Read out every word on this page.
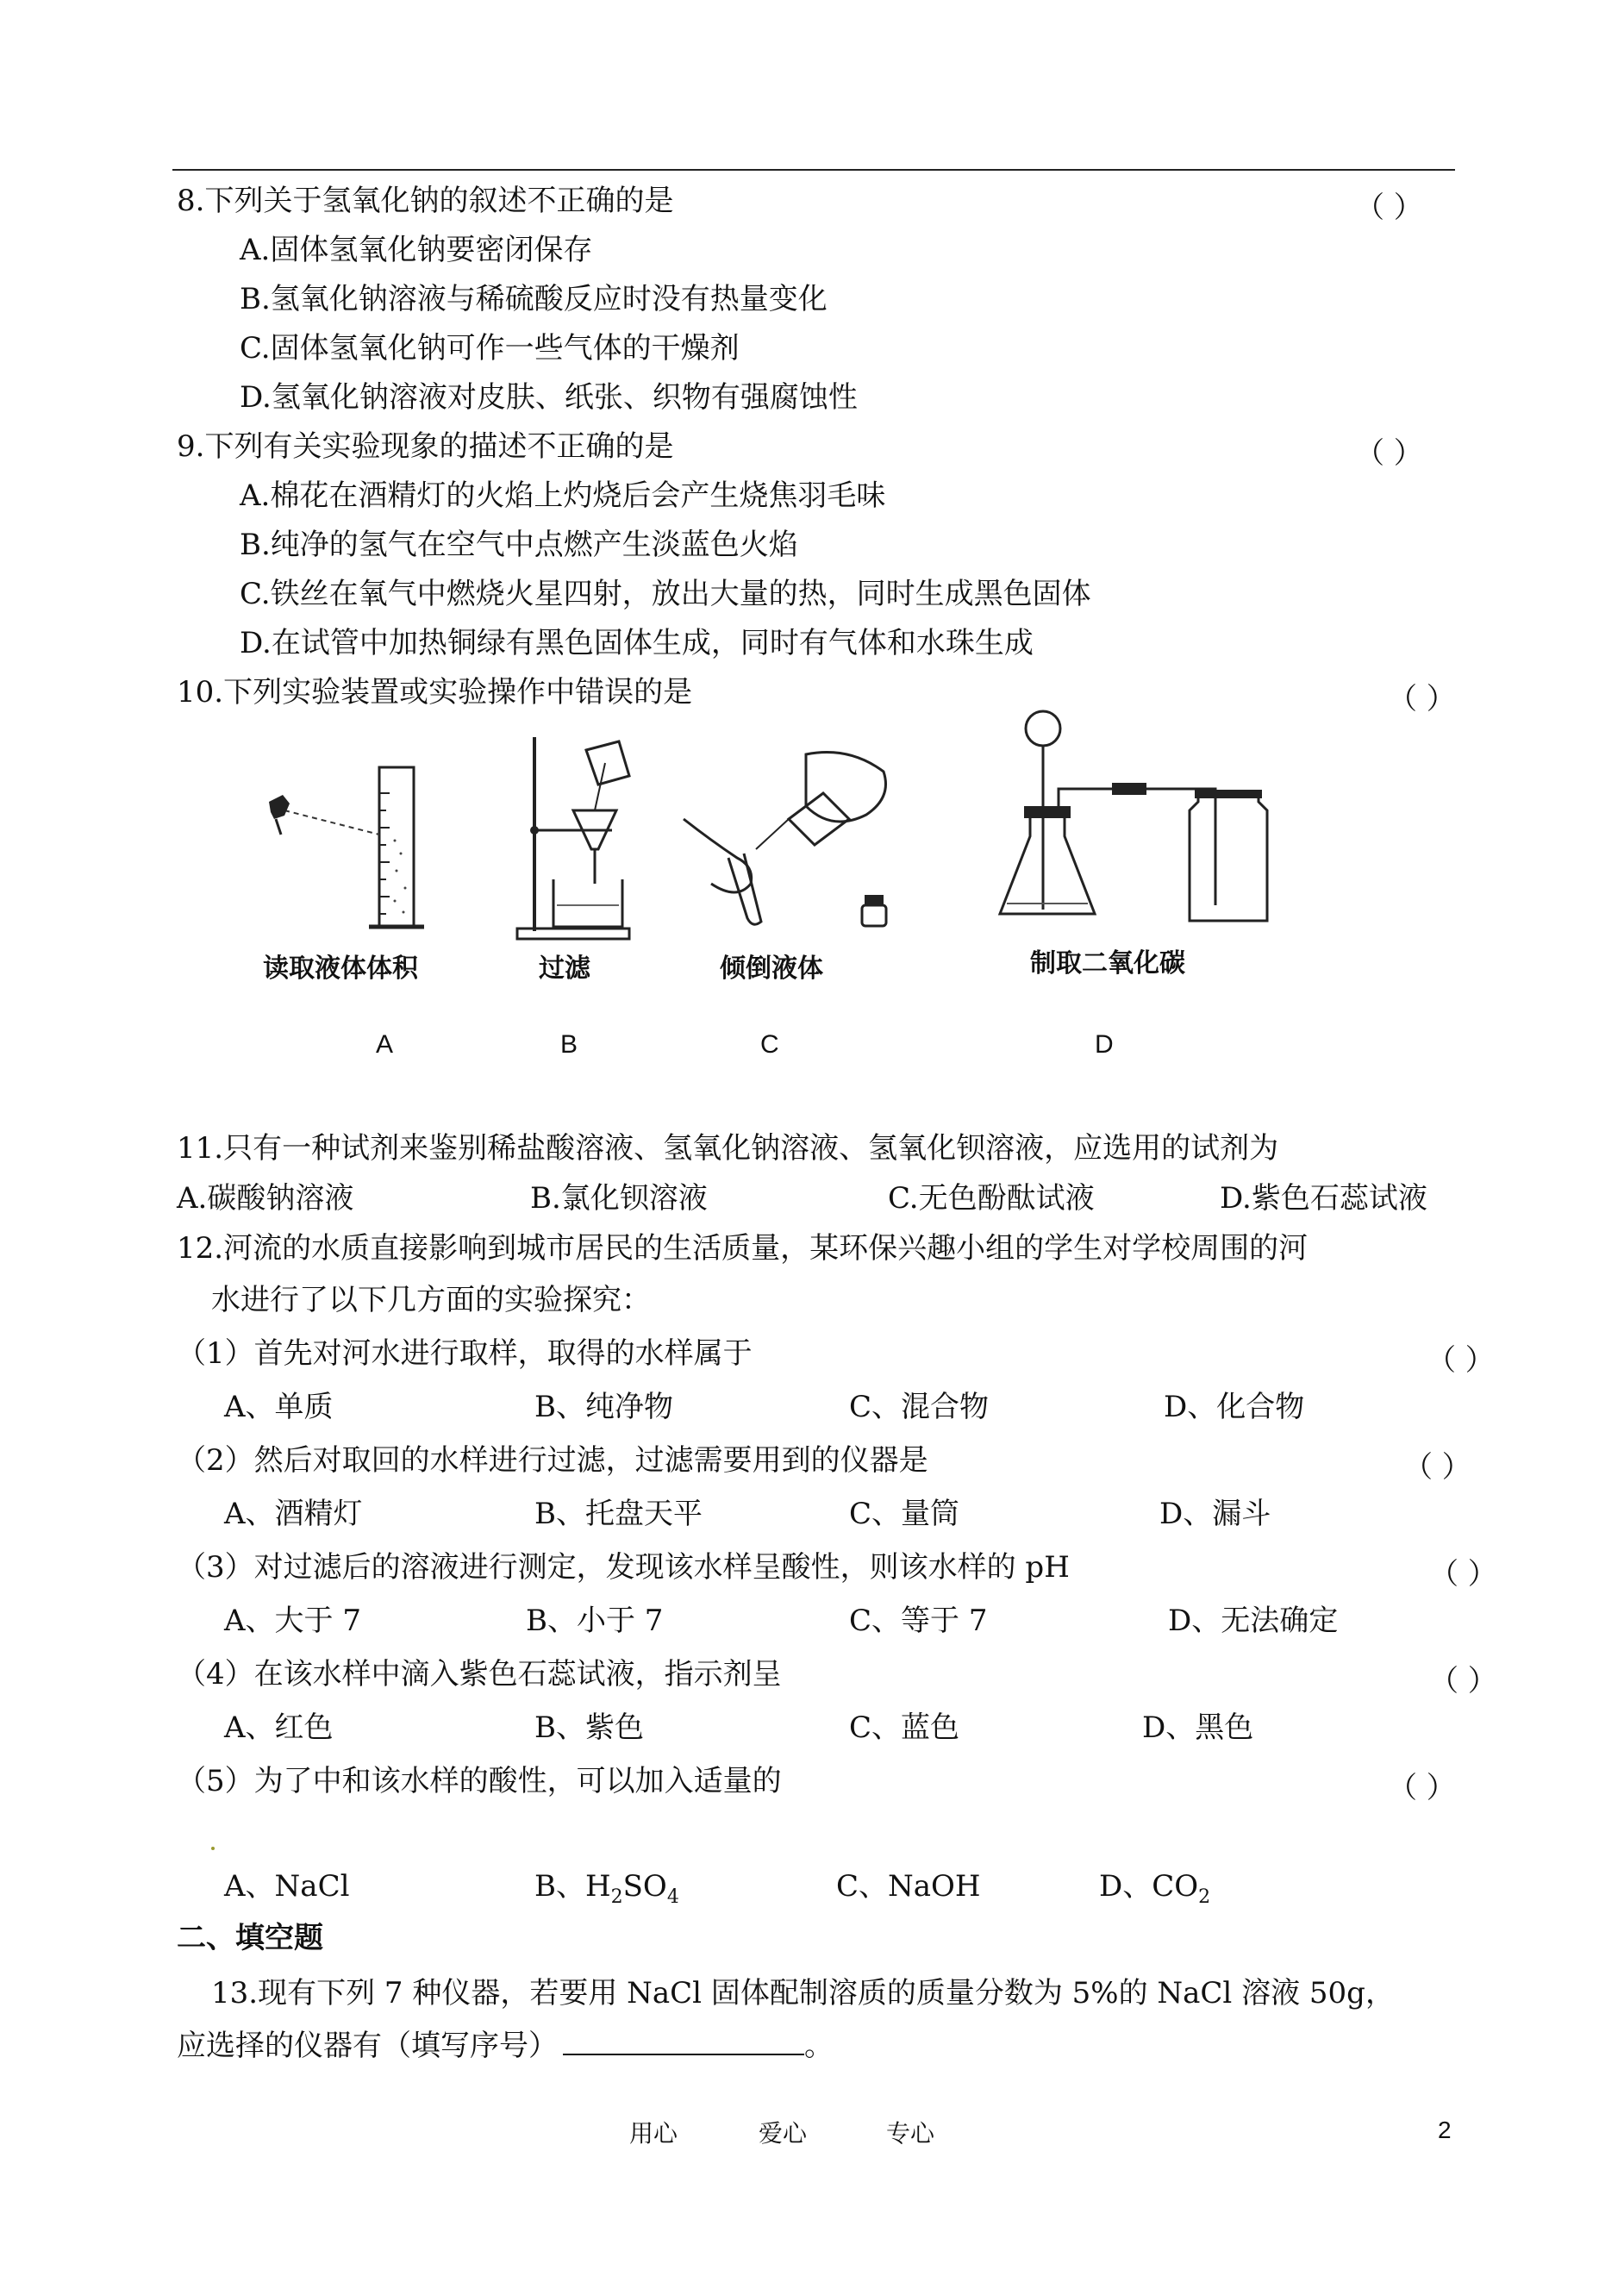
8.下列关于氢氧化钠的叙述不正确的是	（ ）
A.固体氢氧化钠要密闭保存
B.氢氧化钠溶液与稀硫酸反应时没有热量变化
C.固体氢氧化钠可作一些气体的干燥剂
D.氢氧化钠溶液对皮肤、纸张、织物有强腐蚀性
9.下列有关实验现象的描述不正确的是	（ ）
A.棉花在酒精灯的火焰上灼烧后会产生烧焦羽毛味
B.纯净的氢气在空气中点燃产生淡蓝色火焰
C.铁丝在氧气中燃烧火星四射，放出大量的热，同时生成黑色固体
D.在试管中加热铜绿有黑色固体生成，同时有气体和水珠生成
10.下列实验装置或实验操作中错误的是	（ ）
读取液体体积
A
过滤
B
倾倒液体
C
制取二氧化碳
D
11.只有一种试剂来鉴别稀盐酸溶液、氢氧化钠溶液、氢氧化钡溶液，应选用的试剂为
A.碳酸钠溶液	B.氯化钡溶液	C.无色酚酞试液	D.紫色石蕊试液
12.河流的水质直接影响到城市居民的生活质量，某环保兴趣小组的学生对学校周围的河
水进行了以下几方面的实验探究：
（1）首先对河水进行取样，取得的水样属于	（ ）
A、单质	B、纯净物	C、混合物	D、化合物
（2）然后对取回的水样进行过滤，过滤需要用到的仪器是	（ ）
A、酒精灯	B、托盘天平	C、量筒	D、漏斗
（3）对过滤后的溶液进行测定，发现该水样呈酸性，则该水样的 pH	（ ）
A、大于 7	B、小于 7	C、等于 7	D、无法确定
（4）在该水样中滴入紫色石蕊试液，指示剂呈	（ ）
A、红色	B、紫色	C、蓝色	D、黑色
（5）为了中和该水样的酸性，可以加入适量的	（ ）
A、NaCl	B、$H_2SO_4$	C、NaOH	D、$CO_2$
二、填空题
13.现有下列 7 种仪器，若要用 NaCl 固体配制溶质的质量分数为 5%的 NaCl 溶液 50g，
应选择的仪器有（填写序号）	。
用心	爱心	专心	2
